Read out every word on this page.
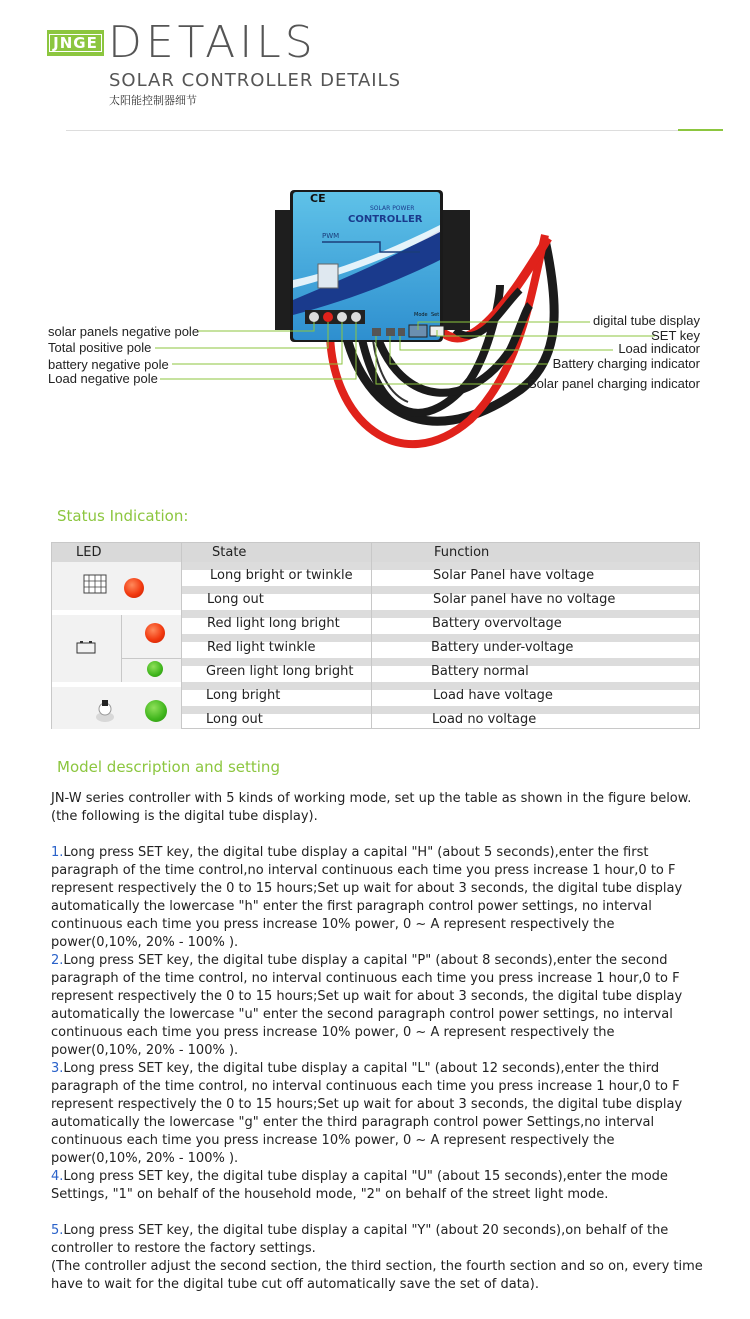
JNGE DETAILS
SOLAR CONTROLLER DETAILS
太阳能控制器细节
CE
SOLAR POWER
CONTROLLER
PWM
Mode Set
solar panels negative pole
Total positive pole
battery negative pole
Load negative pole
digital tube display
SET key
Load indicator
Battery charging indicator
Solar panel charging indicator
Status Indication:
LED	State	Function
Long bright or twinkle	Solar Panel have voltage
Long out	Solar panel have no voltage
Red light long bright	Battery overvoltage
Red light twinkle	Battery under-voltage
Green light long bright	Battery normal
Long bright	Load have voltage
Long out	Load no voltage
Model description and setting
JN-W series controller with 5 kinds of working mode, set up the table as shown in the figure below.(the following is the digital tube display).
1.Long press SET key, the digital tube display a capital "H" (about 5 seconds),enter the first paragraph of the time control,no interval continuous each time you press increase 1 hour,0 to F represent respectively the 0 to 15 hours;Set up wait for about 3 seconds, the digital tube display automatically the lowercase "h" enter the first paragraph control power settings, no interval continuous each time you press increase 10% power, 0 ~ A represent respectively the power(0,10%, 20% - 100% ).
2.Long press SET key, the digital tube display a capital "P" (about 8 seconds),enter the second paragraph of the time control, no interval continuous each time you press increase 1 hour,0 to F represent respectively the 0 to 15 hours;Set up wait for about 3 seconds, the digital tube display automatically the lowercase "u" enter the second paragraph control power settings, no interval continuous each time you press increase 10% power, 0 ~ A represent respectively the power(0,10%, 20% - 100% ).
3.Long press SET key, the digital tube display a capital "L" (about 12 seconds),enter the third paragraph of the time control, no interval continuous each time you press increase 1 hour,0 to F represent respectively the 0 to 15 hours;Set up wait for about 3 seconds, the digital tube display automatically the lowercase "g" enter the third paragraph control power Settings,no interval continuous each time you press increase 10% power, 0 ~ A represent respectively the power(0,10%, 20% - 100% ).
4.Long press SET key, the digital tube display a capital "U" (about 15 seconds),enter the mode Settings, "1" on behalf of the household mode, "2" on behalf of the street light mode.
5.Long press SET key, the digital tube display a capital "Y" (about 20 seconds),on behalf of the controller to restore the factory settings.
(The controller adjust the second section, the third section, the fourth section and so on, every time have to wait for the digital tube cut off automatically save the set of data).
